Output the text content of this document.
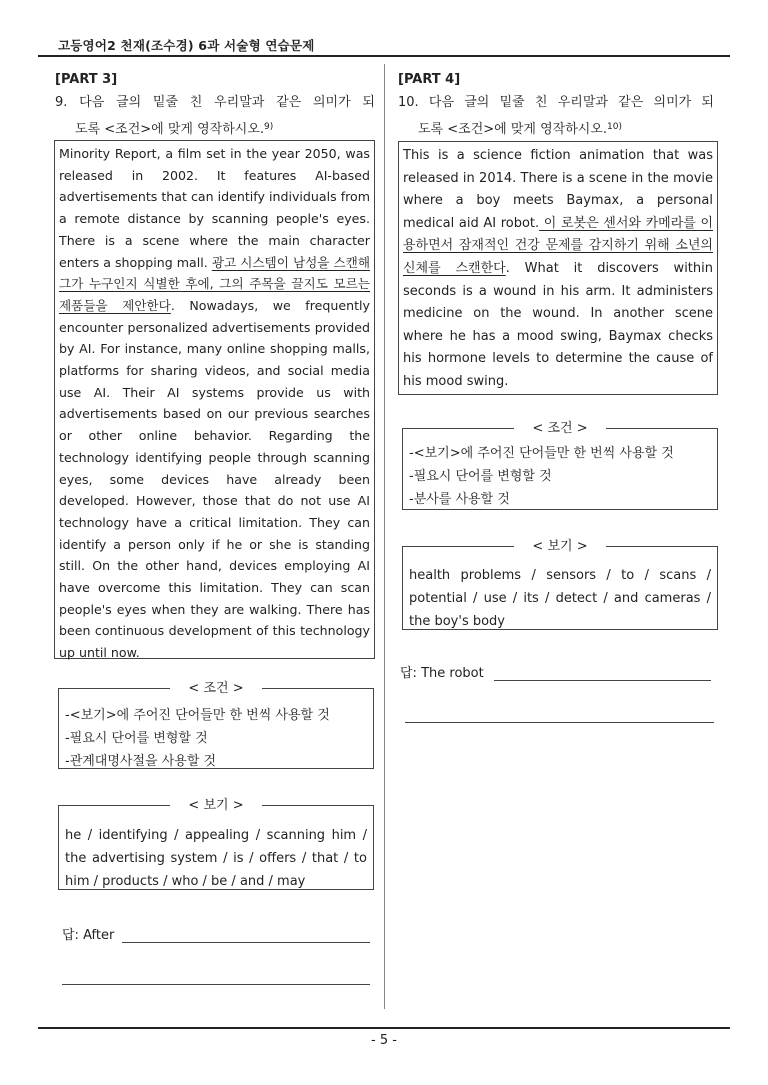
고등영어2 천재(조수경) 6과 서술형 연습문제
[PART 3]
9. 다음 글의 밑줄 친 우리말과 같은 의미가 되
도록 <조건>에 맞게 영작하시오.$^{9)}$
Minority Report, a film set in the year 2050, was released in 2002. It features AI-based advertisements that can identify individuals from a remote distance by scanning people's eyes. There is a scene where the main character enters a shopping mall. 광고 시스템이 남성을 스캔해 그가 누구인지 식별한 후에, 그의 주목을 끌지도 모르는 제품들을 제안한다. Nowadays, we frequently encounter personalized advertisements provided by AI. For instance, many online shopping malls, platforms for sharing videos, and social media use AI. Their AI systems provide us with advertisements based on our previous searches or other online behavior. Regarding the technology identifying people through scanning eyes, some devices have already been developed. However, those that do not use AI technology have a critical limitation. They can identify a person only if he or she is standing still. On the other hand, devices employing AI have overcome this limitation. They can scan people's eyes when they are walking. There has been continuous development of this technology up until now.
< 조건 >
-<보기>에 주어진 단어들만 한 번씩 사용할 것
-필요시 단어를 변형할 것
-관계대명사절을 사용할 것
< 보기 >
he / identifying / appealing / scanning him / the advertising system / is / offers / that / to him / products / who / be / and / may
답: After
[PART 4]
10. 다음 글의 밑줄 친 우리말과 같은 의미가 되
도록 <조건>에 맞게 영작하시오.$^{10)}$
This is a science fiction animation that was released in 2014. There is a scene in the movie where a boy meets Baymax, a personal medical aid AI robot. 이 로봇은 센서와 카메라를 이용하면서 잠재적인 건강 문제를 감지하기 위해 소년의 신체를 스캔한다. What it discovers within seconds is a wound in his arm. It administers medicine on the wound. In another scene where he has a mood swing, Baymax checks his hormone levels to determine the cause of his mood swing.
< 조건 >
-<보기>에 주어진 단어들만 한 번씩 사용할 것
-필요시 단어를 변형할 것
-분사를 사용할 것
< 보기 >
health problems / sensors / to / scans / potential / use / its / detect / and cameras / the boy's body
답: The robot
- 5 -
